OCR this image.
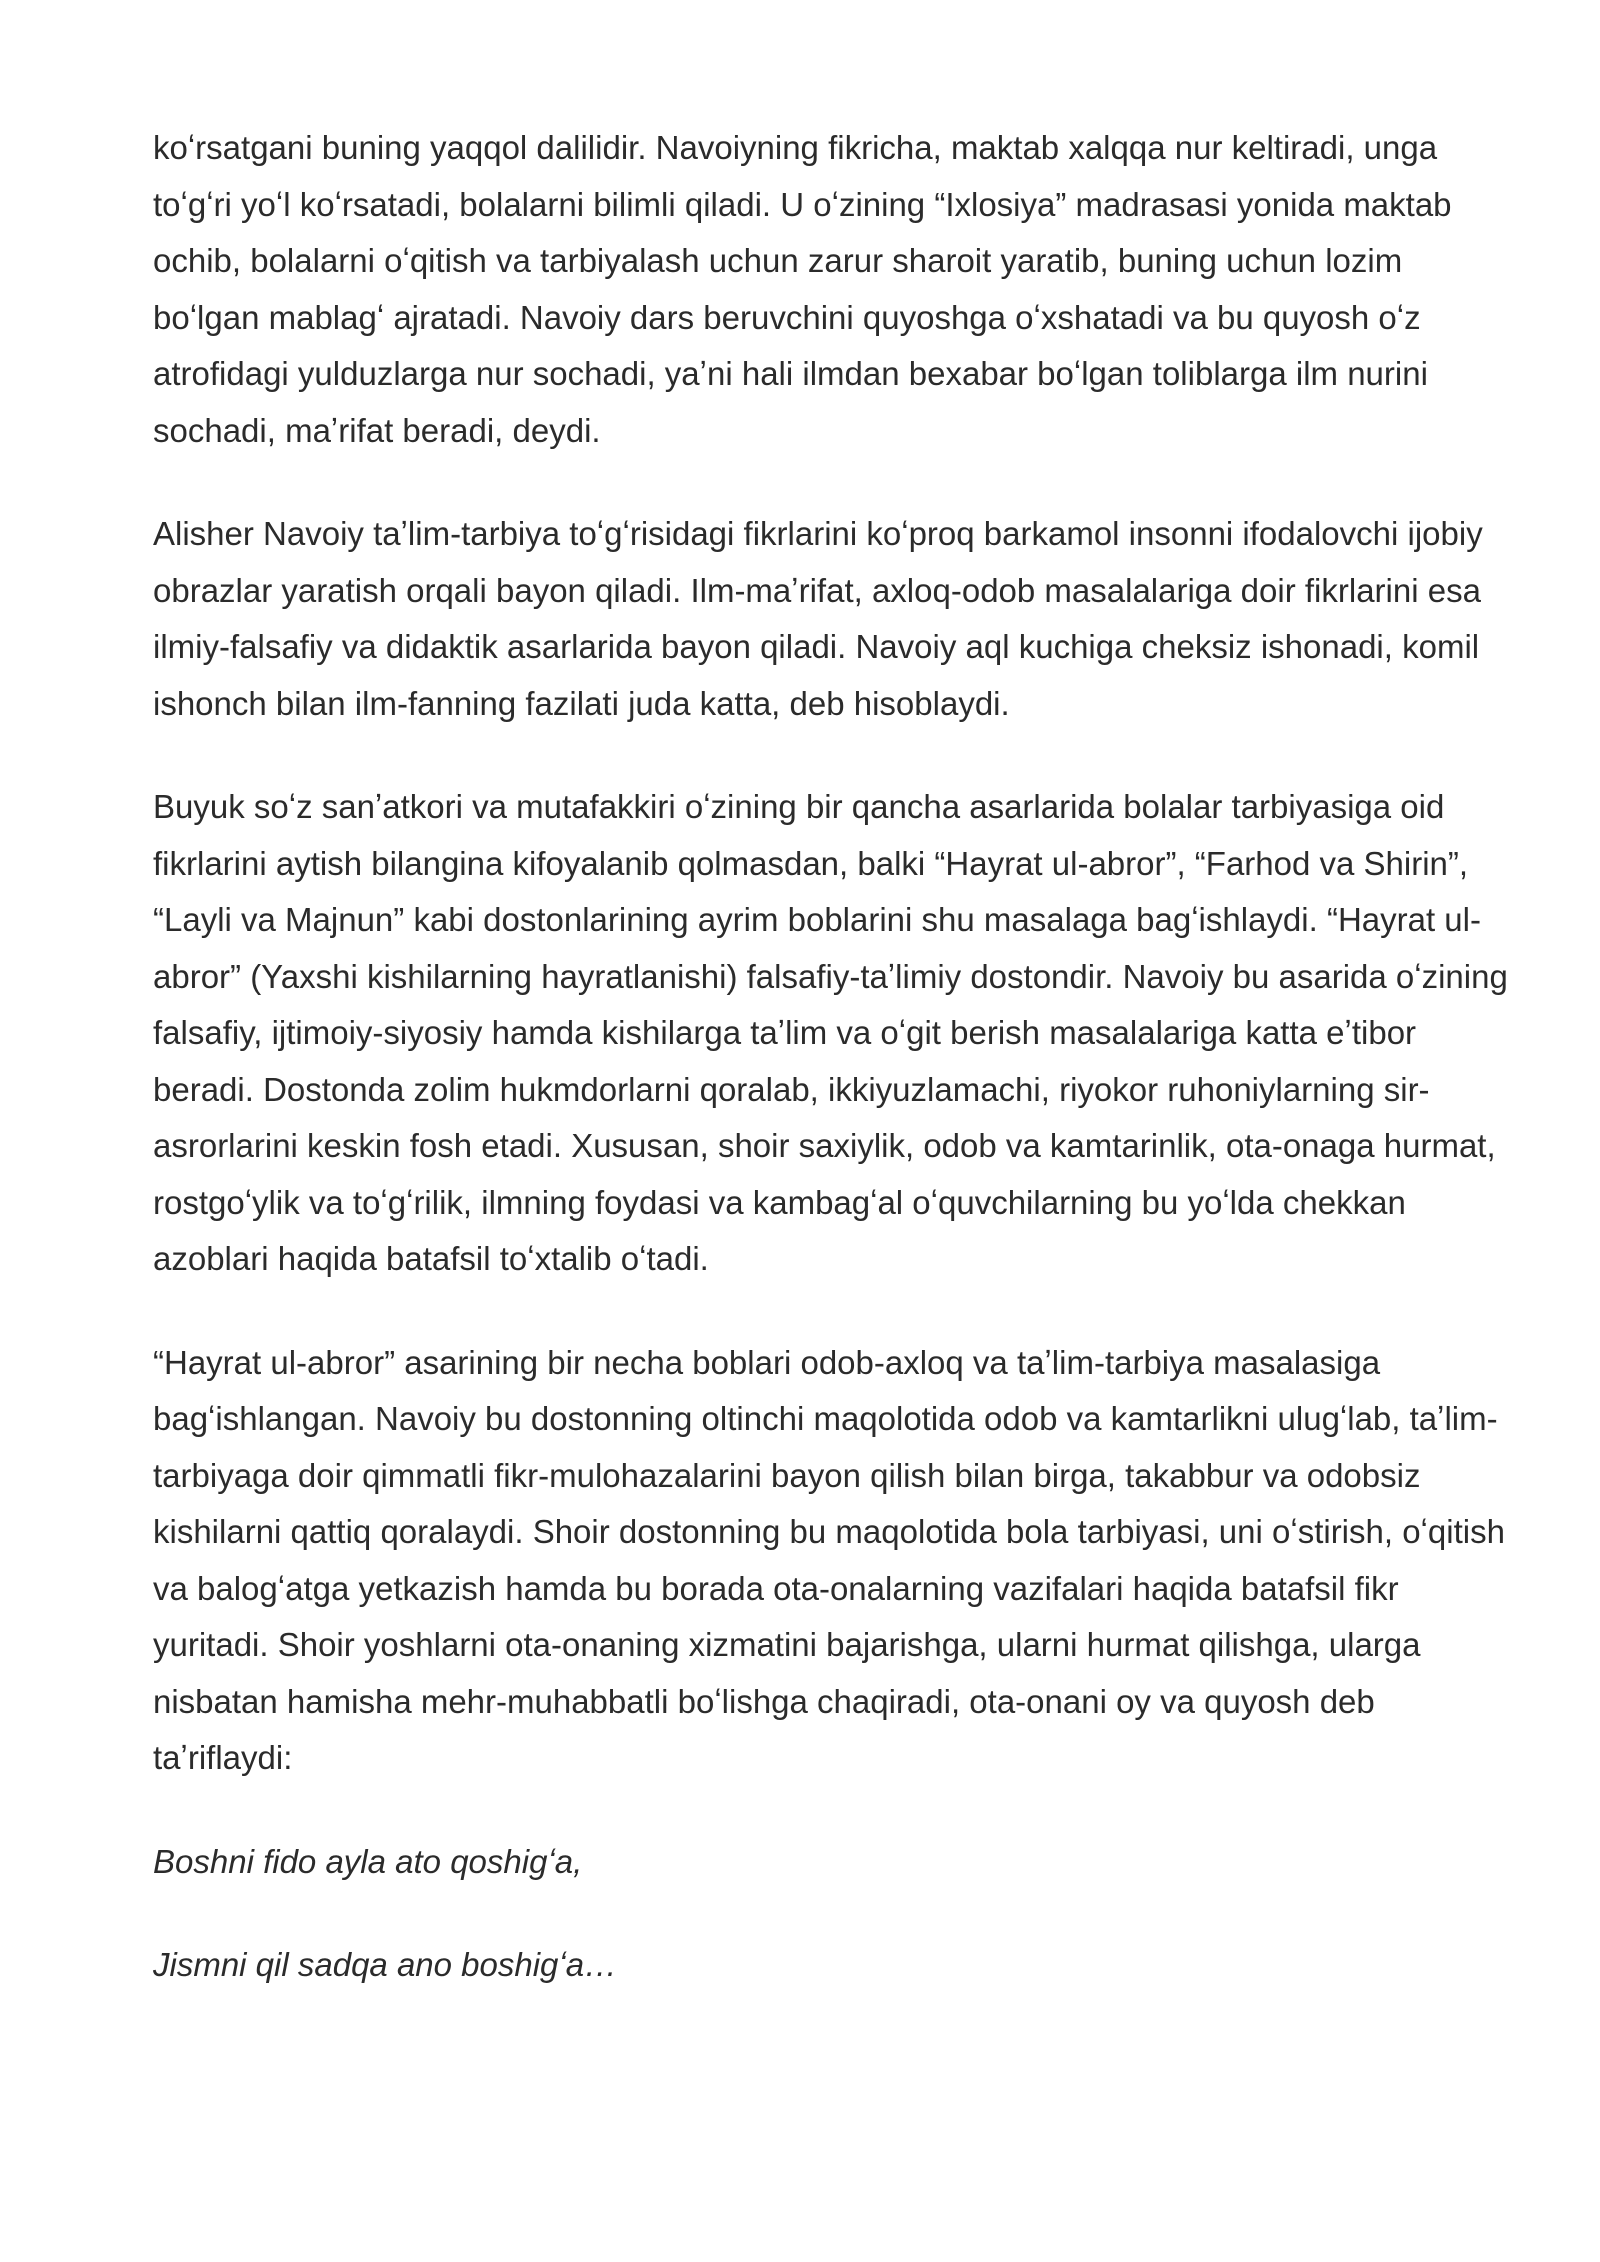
koʻrsatgani buning yaqqol dalilidir. Navoiyning fikricha, maktab xalqqa nur keltiradi, unga toʻgʻri yoʻl koʻrsatadi, bolalarni bilimli qiladi. U oʻzining “Ixlosiya” madrasasi yonida maktab ochib, bolalarni oʻqitish va tarbiyalash uchun zarur sharoit yaratib, buning uchun lozim boʻlgan mablagʻ ajratadi. Navoiy dars beruvchini quyoshga oʻxshatadi va bu quyosh oʻz atrofidagi yulduzlarga nur sochadi, yaʼni hali ilmdan bexabar boʻlgan toliblarga ilm nurini sochadi, maʼrifat beradi, deydi.

Alisher Navoiy taʼlim-tarbiya toʻgʻrisidagi fikrlarini koʻproq barkamol insonni ifodalovchi ijobiy obrazlar yaratish orqali bayon qiladi. Ilm-maʼrifat, axloq-odob masalalariga doir fikrlarini esa ilmiy-falsafiy va didaktik asarlarida bayon qiladi. Navoiy aql kuchiga cheksiz ishonadi, komil ishonch bilan ilm-fanning fazilati juda katta, deb hisoblaydi.

Buyuk soʻz sanʼatkori va mutafakkiri oʻzining bir qancha asarlarida bolalar tarbiyasiga oid fikrlarini aytish bilangina kifoyalanib qolmasdan, balki “Hayrat ul-abror”, “Farhod va Shirin”, “Layli va Majnun” kabi dostonlarining ayrim boblarini shu masalaga bagʻishlaydi. “Hayrat ul-abror” (Yaxshi kishilarning hayratlanishi) falsafiy-taʼlimiy dostondir. Navoiy bu asarida oʻzining falsafiy, ijtimoiy-siyosiy hamda kishilarga taʼlim va oʻgit berish masalalariga katta eʼtibor beradi. Dostonda zolim hukmdorlarni qoralab, ikkiyuzlamachi, riyokor ruhoniylarning sir-asrorlarini keskin fosh etadi. Xususan, shoir saxiylik, odob va kamtarinlik, ota-onaga hurmat, rostgoʻylik va toʻgʻrilik, ilmning foydasi va kambagʻal oʻquvchilarning bu yoʻlda chekkan azoblari haqida batafsil toʻxtalib oʻtadi.

“Hayrat ul-abror” asarining bir necha boblari odob-axloq va taʼlim-tarbiya masalasiga bagʻishlangan. Navoiy bu dostonning oltinchi maqolotida odob va kamtarlikni ulugʻlab, taʼlim-tarbiyaga doir qimmatli fikr-mulohazalarini bayon qilish bilan birga, takabbur va odobsiz kishilarni qattiq qoralaydi. Shoir dostonning bu maqolotida bola tarbiyasi, uni oʻstirish, oʻqitish va balogʻatga yetkazish hamda bu borada ota-onalarning vazifalari haqida batafsil fikr yuritadi. Shoir yoshlarni ota-onaning xizmatini bajarishga, ularni hurmat qilishga, ularga nisbatan hamisha mehr-muhabbatli boʻlishga chaqiradi, ota-onani oy va quyosh deb taʼriflaydi:

Boshni fido ayla ato qoshigʻa,

Jismni qil sadqa ano boshigʻa…
